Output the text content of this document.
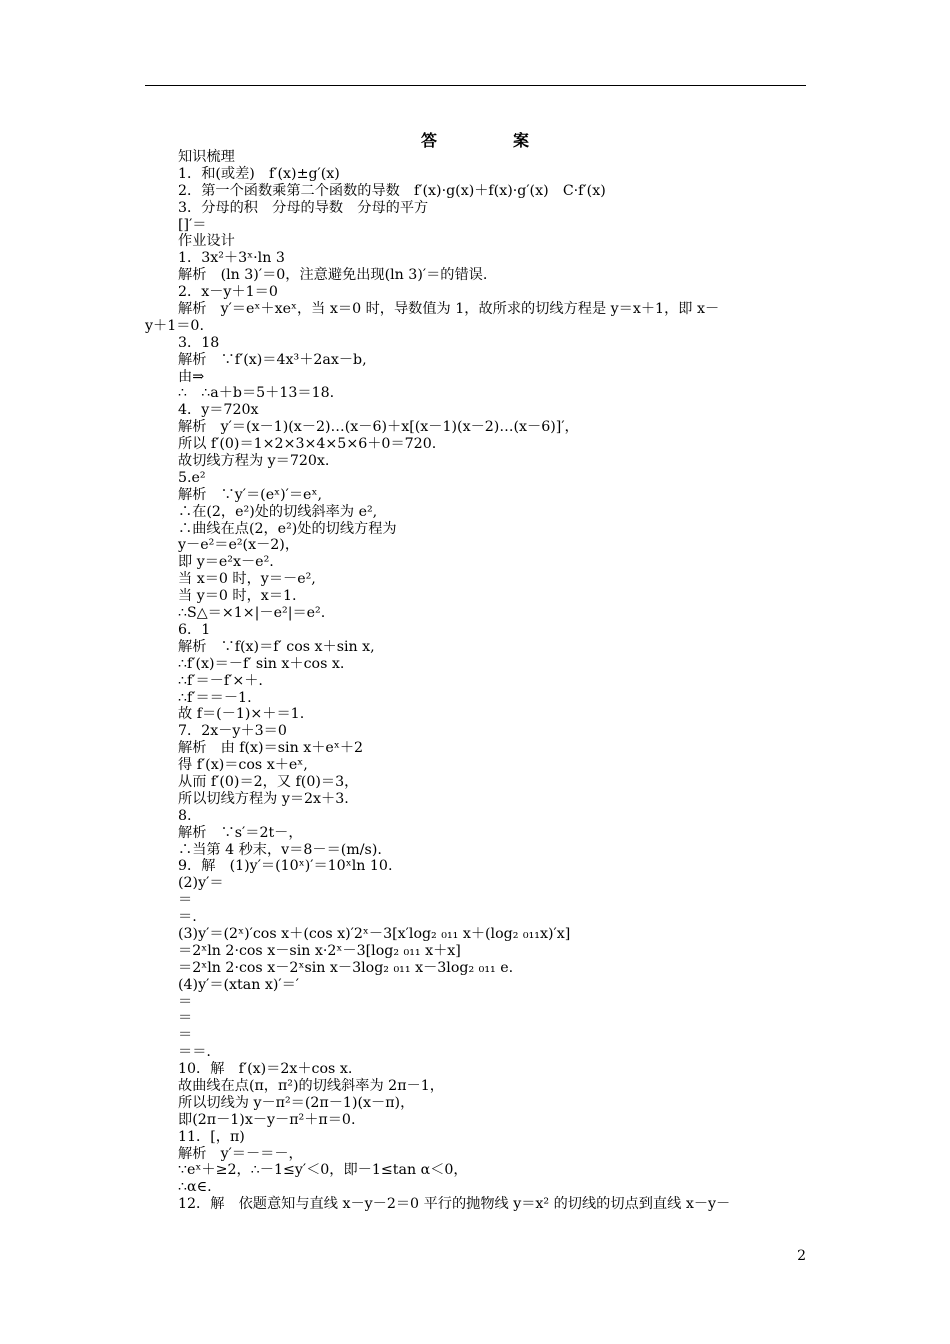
答　案
知识梳理
1．和(或差)　f′(x)±g′(x)
2．第一个函数乘第二个函数的导数　f′(x)·g(x)＋f(x)·g′(x)　C·f′(x)
3．分母的积　分母的导数　分母的平方
[]′＝
作业设计
1．3x²＋3ˣ·ln 3
解析　(ln 3)′＝0，注意避免出现(ln 3)′＝的错误.
2．x－y＋1＝0
解析　y′＝eˣ＋xeˣ，当 x＝0 时，导数值为 1，故所求的切线方程是 y＝x＋1，即 x－
y＋1＝0.
3．18
解析　∵f′(x)＝4x³＋2ax－b,
由⇒
∴　∴a＋b＝5＋13＝18.
4．y＝720x
解析　y′＝(x－1)(x－2)…(x－6)＋x[(x－1)(x－2)…(x－6)]′，
所以 f′(0)＝1×2×3×4×5×6＋0＝720.
故切线方程为 y＝720x.
5.e²
解析　∵y′＝(eˣ)′＝eˣ,
∴在(2，e²)处的切线斜率为 e²,
∴曲线在点(2，e²)处的切线方程为
y－e²＝e²(x－2)，
即 y＝e²x－e².
当 x＝0 时，y＝－e²,
当 y＝0 时，x＝1.
∴S△＝×1×|－e²|＝e².
6．1
解析　∵f(x)＝f′ cos x＋sin x,
∴f′(x)＝－f′ sin x＋cos x.
∴f′＝－f′×＋.
∴f′＝＝－1.
故 f＝(－1)×＋＝1.
7．2x－y＋3＝0
解析　由 f(x)＝sin x＋eˣ＋2
得 f′(x)＝cos x＋eˣ,
从而 f′(0)＝2，又 f(0)＝3，
所以切线方程为 y＝2x＋3.
8.
解析　∵s′＝2t－，
∴当第 4 秒末，v＝8－＝(m/s).
9．解　(1)y′＝(10ˣ)′＝10ˣln 10.
(2)y′＝
＝
＝.
(3)y′＝(2ˣ)′cos x＋(cos x)′2ˣ－3[x′log₂ ₀₁₁ x＋(log₂ ₀₁₁x)′x]
＝2ˣln 2·cos x－sin x·2ˣ－3[log₂ ₀₁₁ x＋x]
＝2ˣln 2·cos x－2ˣsin x－3log₂ ₀₁₁ x－3log₂ ₀₁₁ e.
(4)y′＝(xtan x)′＝′
＝
＝
＝
＝＝.
10．解　f′(x)＝2x＋cos x.
故曲线在点(π，π²)的切线斜率为 2π－1，
所以切线为 y－π²＝(2π－1)(x－π)，
即(2π－1)x－y－π²＋π＝0.
11．[，π)
解析　y′＝－＝－，
∵eˣ＋≥2，∴－1≤y′＜0，即－1≤tan α＜0，
∴α∈.
12．解　依题意知与直线 x－y－2＝0 平行的抛物线 y＝x² 的切线的切点到直线 x－y－
2
